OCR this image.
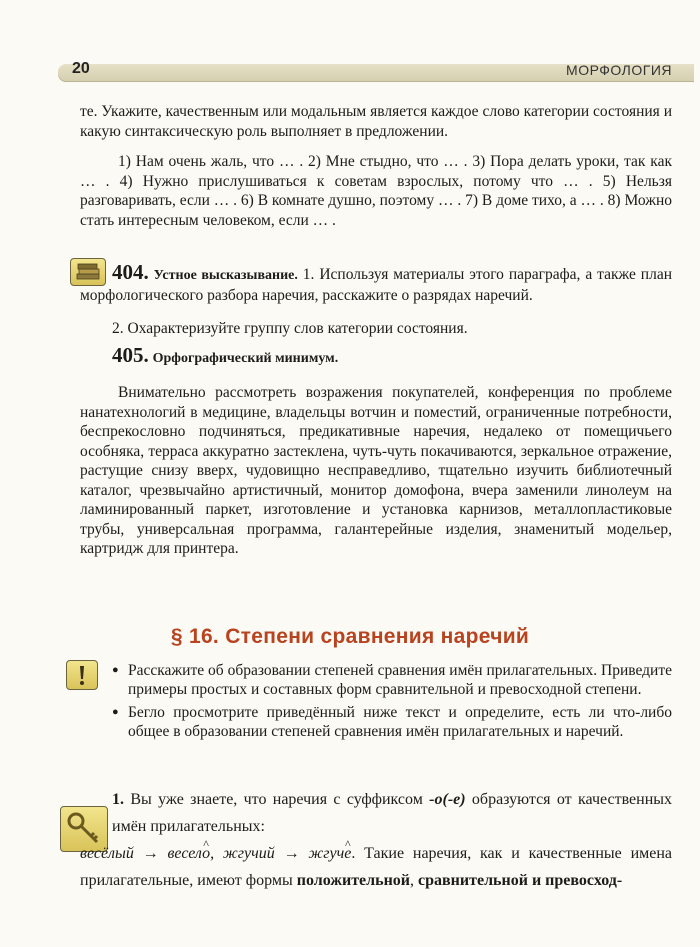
20	МОРФОЛОГИЯ
те. Укажите, качественным или модальным является каждое слово категории состояния и какую синтаксическую роль выполняет в предложении.
1) Нам очень жаль, что … . 2) Мне стыдно, что … . 3) Пора делать уроки, так как … . 4) Нужно прислушиваться к советам взрослых, потому что … . 5) Нельзя разговаривать, если … . 6) В комнате душно, поэтому … . 7) В доме тихо, а … . 8) Можно стать интересным человеком, если … .
404. Устное высказывание. 1. Используя материалы этого параграфа, а также план морфологического разбора наречия, расскажите о разрядах наречий.
2. Охарактеризуйте группу слов категории состояния.
405. Орфографический минимум.
Внимательно рассмотреть возражения покупателей, конференция по проблеме нанатехнологий в медицине, владельцы вотчин и поместий, ограниченные потребности, беспрекословно подчиняться, предикативные наречия, недалеко от помещичьего особняка, терраса аккуратно застеклена, чуть-чуть покачиваются, зеркальное отражение, растущие снизу вверх, чудовищно несправедливо, тщательно изучить библиотечный каталог, чрезвычайно артистичный, монитор домофона, вчера заменили линолеум на ламинированный паркет, изготовление и установка карнизов, металлопластиковые трубы, универсальная программа, галантерейные изделия, знаменитый модельер, картридж для принтера.
§ 16. Степени сравнения наречий
● Расскажите об образовании степеней сравнения имён прилагательных. Приведите примеры простых и составных форм сравнительной и превосходной степени.
● Бегло просмотрите приведённый ниже текст и определите, есть ли что-либо общее в образовании степеней сравнения имён прилагательных и наречий.
1. Вы уже знаете, что наречия с суффиксом -о(-е) образуются от качественных имён прилагательных:
весёлый → весело ^, жгучий → жгуче ^. Такие наречия, как и качественные имена прилагательные, имеют формы положительной, сравнительной и превосход-
